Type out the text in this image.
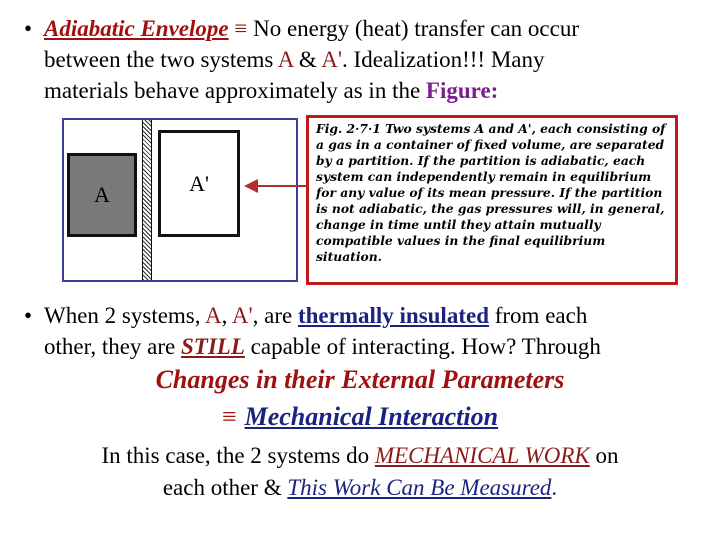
• Adiabatic Envelope ≡ No energy (heat) transfer can occur
between the two systems A & A'. Idealization!!! Many
materials behave approximately as in the Figure:
A	A'
Fig. 2·7·1 Two systems A and A', each consisting of a gas in a container of fixed volume, are separated by a partition. If the partition is adiabatic, each system can independently remain in equilibrium for any value of its mean pressure. If the partition is not adiabatic, the gas pressures will, in general, change in time until they attain mutually compatible values in the final equilibrium situation.
• When 2 systems, A, A', are thermally insulated from each
other, they are STILL capable of interacting. How? Through
Changes in their External Parameters
≡ Mechanical Interaction
In this case, the 2 systems do MECHANICAL WORK on
each other & This Work Can Be Measured.
